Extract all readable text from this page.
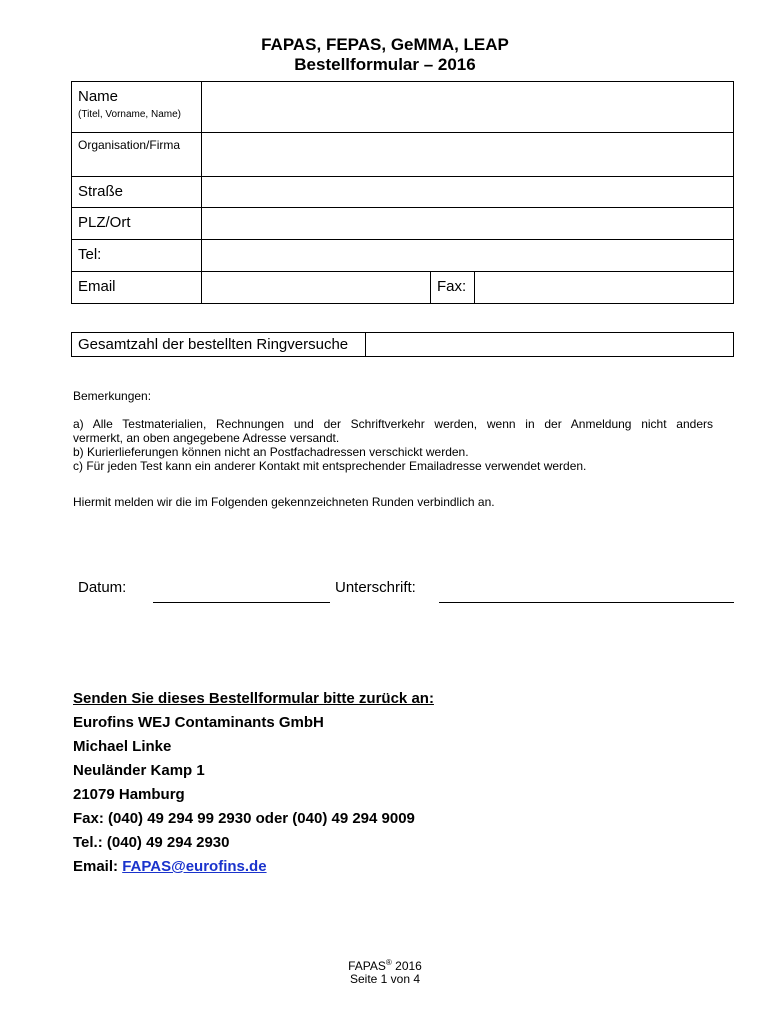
FAPAS, FEPAS, GeMMA, LEAP
Bestellformular – 2016
Name
(Titel, Vorname, Name)			

Organisation/Firma			

Straße			

PLZ/Ort			

Tel:			

Email		Fax:	

Gesamtzahl der bestellten Ringversuche	
Bemerkungen:
a) Alle Testmaterialien, Rechnungen und der Schriftverkehr werden, wenn in der Anmeldung nicht anders
vermerkt, an oben angegebene Adresse versandt.
b) Kurierlieferungen können nicht an Postfachadressen verschickt werden.
c) Für jeden Test kann ein anderer Kontakt mit entsprechender Emailadresse verwendet werden.
Hiermit melden wir die im Folgenden gekennzeichneten Runden verbindlich an.
Datum:	Unterschrift:
Senden Sie dieses Bestellformular bitte zurück an:
Eurofins WEJ Contaminants GmbH
Michael Linke
Neuländer Kamp 1
21079 Hamburg
Fax: (040) 49 294 99 2930 oder (040) 49 294 9009
Tel.: (040) 49 294 2930
Email: FAPAS@eurofins.de
FAPAS® 2016
Seite 1 von 4
